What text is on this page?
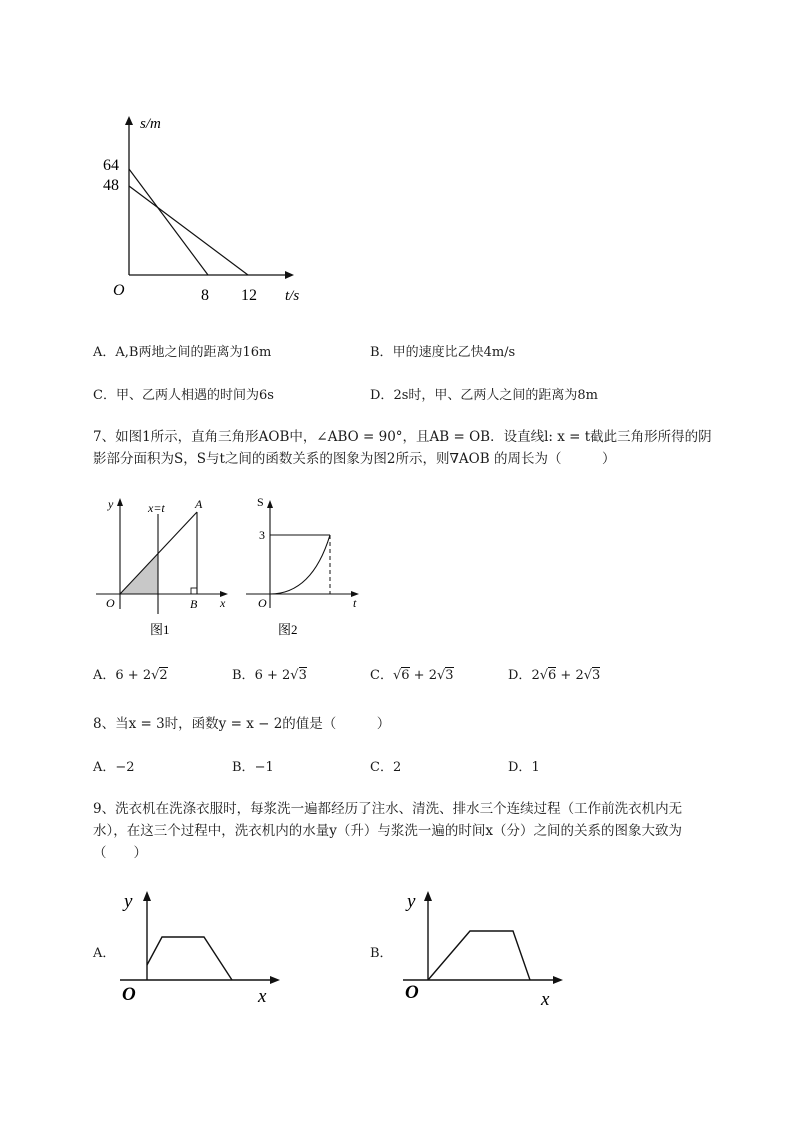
s/m
64
48
O	8 12 t/s
A．A,B两地之间的距离为16m	B．甲的速度比乙快4m/s
C．甲、乙两人相遇的时间为6s	D．2s时，甲、乙两人之间的距离为8m
7、如图1所示，直角三角形AOB中，∠ABO = 90°，且AB = OB．设直线l: x = t截此三角形所得的阴
影部分面积为S，S与t之间的函数关系的图象为图2所示，则∇AOB 的周长为（　　　）
y	x=t	A
O	B x
图1
S
3
O	t
图2
A．6 + 2√2	B．6 + 2√3	C．√6 + 2√3	D．2√6 + 2√3
8、当x = 3时，函数y = x − 2的值是（　　　）
A．−2	B．−1	C．2	D．1
9、洗衣机在洗涤衣服时，每浆洗一遍都经历了注水、清洗、排水三个连续过程（工作前洗衣机内无
水），在这三个过程中，洗衣机内的水量y（升）与浆洗一遍的时间x（分）之间的关系的图象大致为
（　　）
A．
y
O	x
B．
y
O	x
